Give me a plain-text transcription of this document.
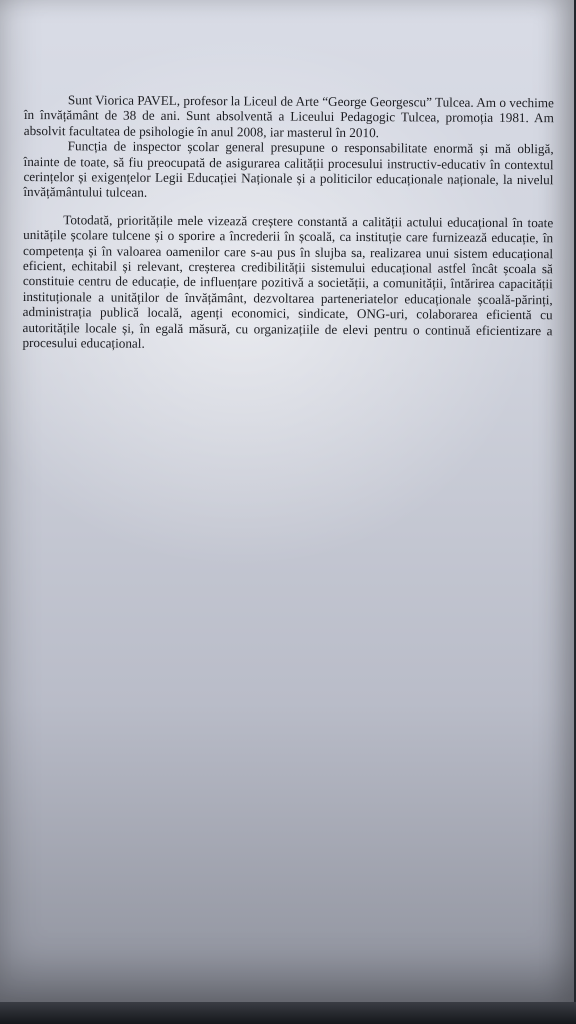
Sunt Viorica PAVEL, profesor la Liceul de Arte “George Georgescu” Tulcea. Am o vechime în învățământ de 38 de ani. Sunt absolventă a Liceului Pedagogic Tulcea, promoția 1981. Am absolvit facultatea de psihologie în anul 2008, iar masterul în 2010.

Funcția de inspector școlar general presupune o responsabilitate enormă și mă obligă, înainte de toate, să fiu preocupată de asigurarea calității procesului instructiv-educativ în contextul cerințelor și exigențelor Legii Educației Naționale și a politicilor educaționale naționale, la nivelul învățământului tulcean.

Totodată, prioritățile mele vizează creștere constantă a calității actului educațional în toate unitățile școlare tulcene și o sporire a încrederii în școală, ca instituție care furnizează educație, în competența și în valoarea oamenilor care s-au pus în slujba sa, realizarea unui sistem educațional eficient, echitabil și relevant, creșterea credibilității sistemului educațional astfel încât școala să constituie centru de educație, de influențare pozitivă a societății, a comunității, întărirea capacității instituționale a unităților de învățământ, dezvoltarea parteneriatelor educaționale școală-părinți, administrația publică locală, agenți economici, sindicate, ONG-uri, colaborarea eficientă cu autoritățile locale și, în egală măsură, cu organizațiile de elevi pentru o continuă eficientizare a procesului educațional.
